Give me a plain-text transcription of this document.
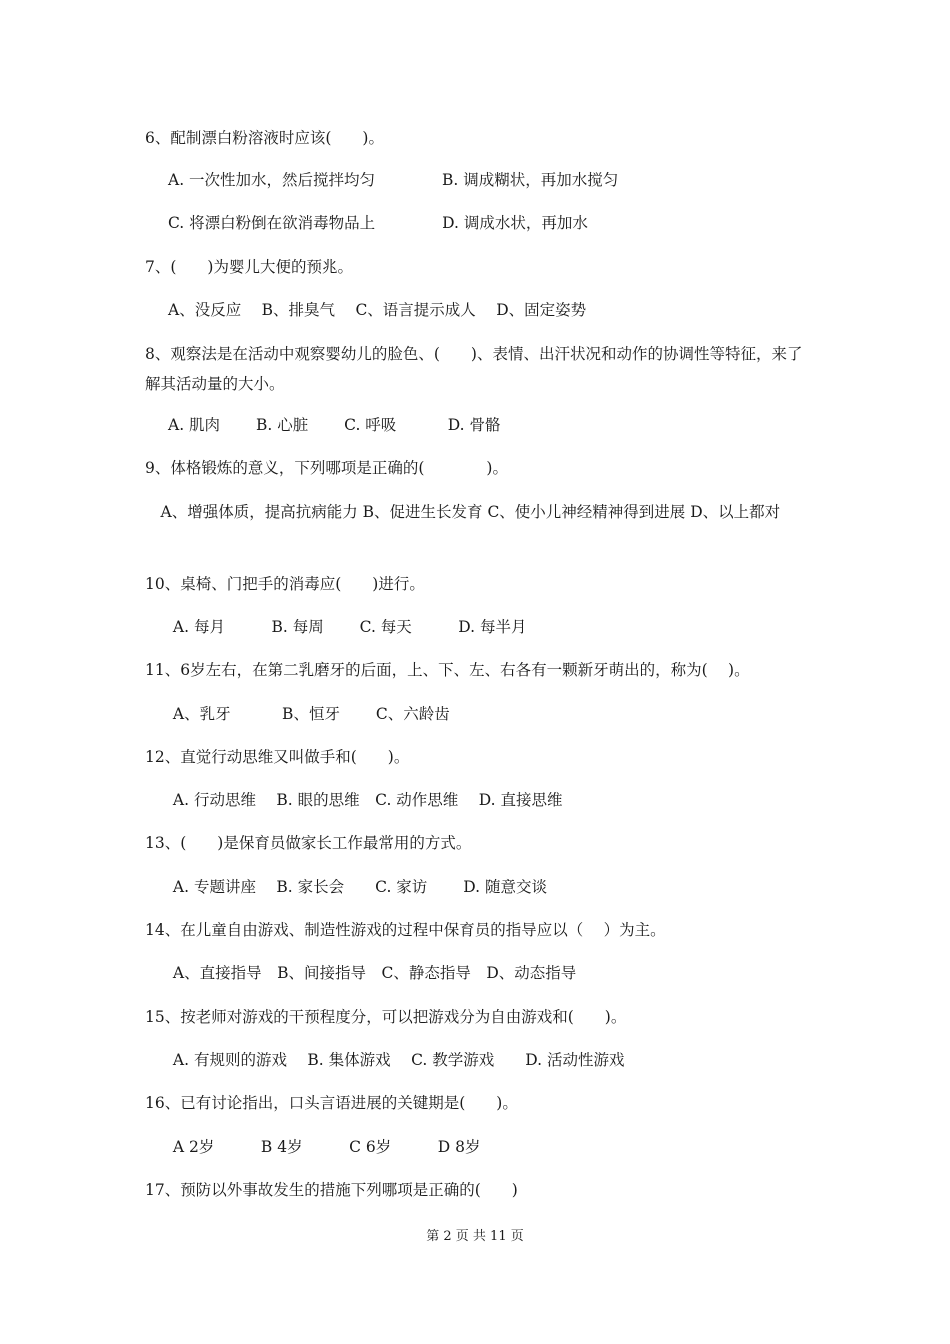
6、配制漂白粉溶液时应该(　　)。
A. 一次性加水，然后搅拌均匀　　　　 B. 调成糊状，再加水搅匀
C. 将漂白粉倒在欲消毒物品上　　　　 D. 调成水状，再加水
7、(　　)为婴儿大便的预兆。
A、没反应　 B、排臭气　 C、语言提示成人　 D、固定姿势
8、观察法是在活动中观察婴幼儿的脸色、(　　)、表情、出汗状况和动作的协调性等特征，来了解其活动量的大小。
A. 肌肉　　 B. 心脏　　 C. 呼吸　　　 D. 骨骼
9、体格锻炼的意义，下列哪项是正确的(　　　　)。
　A、增强体质，提高抗病能力 B、促进生长发育 C、使小儿神经精神得到进展 D、以上都对
10、桌椅、门把手的消毒应(　　)进行。
A. 每月　　　B. 每周　　 C. 每天　　　D. 每半月
11、6岁左右，在第二乳磨牙的后面，上、下、左、右各有一颗新牙萌出的，称为(　 )。
A、乳牙　　　 B、恒牙　　 C、六龄齿
12、直觉行动思维又叫做手和(　　)。
A. 行动思维　 B. 眼的思维　C. 动作思维　 D. 直接思维
13、(　　)是保育员做家长工作最常用的方式。
A. 专题讲座　 B. 家长会　　C. 家访　　 D. 随意交谈
14、在儿童自由游戏、制造性游戏的过程中保育员的指导应以（　 ）为主。
A、直接指导　B、间接指导　C、静态指导　D、动态指导
15、按老师对游戏的干预程度分，可以把游戏分为自由游戏和(　　)。
A. 有规则的游戏　 B. 集体游戏　 C. 教学游戏　　D. 活动性游戏
16、已有讨论指出，口头言语进展的关键期是(　　)。
A 2岁　　　B 4岁　　　C 6岁　　　D 8岁
17、预防以外事故发生的措施下列哪项是正确的(　　)
第 2 页 共 11 页
